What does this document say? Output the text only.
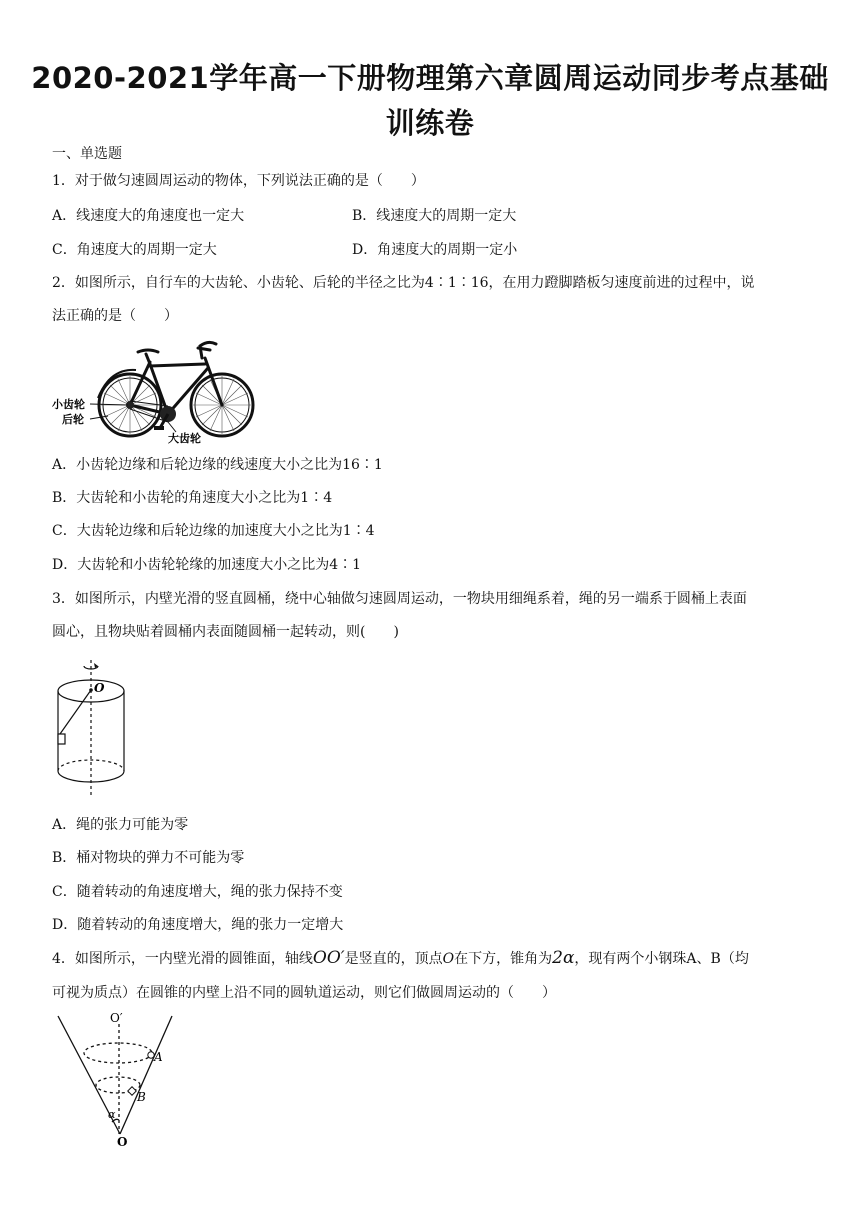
2020-2021学年高一下册物理第六章圆周运动同步考点基础
训练卷
一、单选题
1．对于做匀速圆周运动的物体，下列说法正确的是（　　）
A．线速度大的角速度也一定大	B．线速度大的周期一定大
C．角速度大的周期一定大	D．角速度大的周期一定小
2．如图所示，自行车的大齿轮、小齿轮、后轮的半径之比为4∶1∶16，在用力蹬脚踏板匀速度前进的过程中，说
法正确的是（　　）
小齿轮
后轮
大齿轮
A．小齿轮边缘和后轮边缘的线速度大小之比为16∶1
B．大齿轮和小齿轮的角速度大小之比为1∶4
C．大齿轮边缘和后轮边缘的加速度大小之比为1∶4
D．大齿轮和小齿轮轮缘的加速度大小之比为4∶1
3．如图所示，内壁光滑的竖直圆桶，绕中心轴做匀速圆周运动，一物块用细绳系着，绳的另一端系于圆桶上表面
圆心，且物块贴着圆桶内表面随圆桶一起转动，则(　　)
O
A．绳的张力可能为零
B．桶对物块的弹力不可能为零
C．随着转动的角速度增大，绳的张力保持不变
D．随着转动的角速度增大，绳的张力一定增大
4．如图所示，一内壁光滑的圆锥面，轴线OO′是竖直的，顶点O在下方，锥角为2α，现有两个小钢珠A、B（均
可视为质点）在圆锥的内壁上沿不同的圆轨道运动，则它们做圆周运动的（　　）
O′
A
B
α
O
